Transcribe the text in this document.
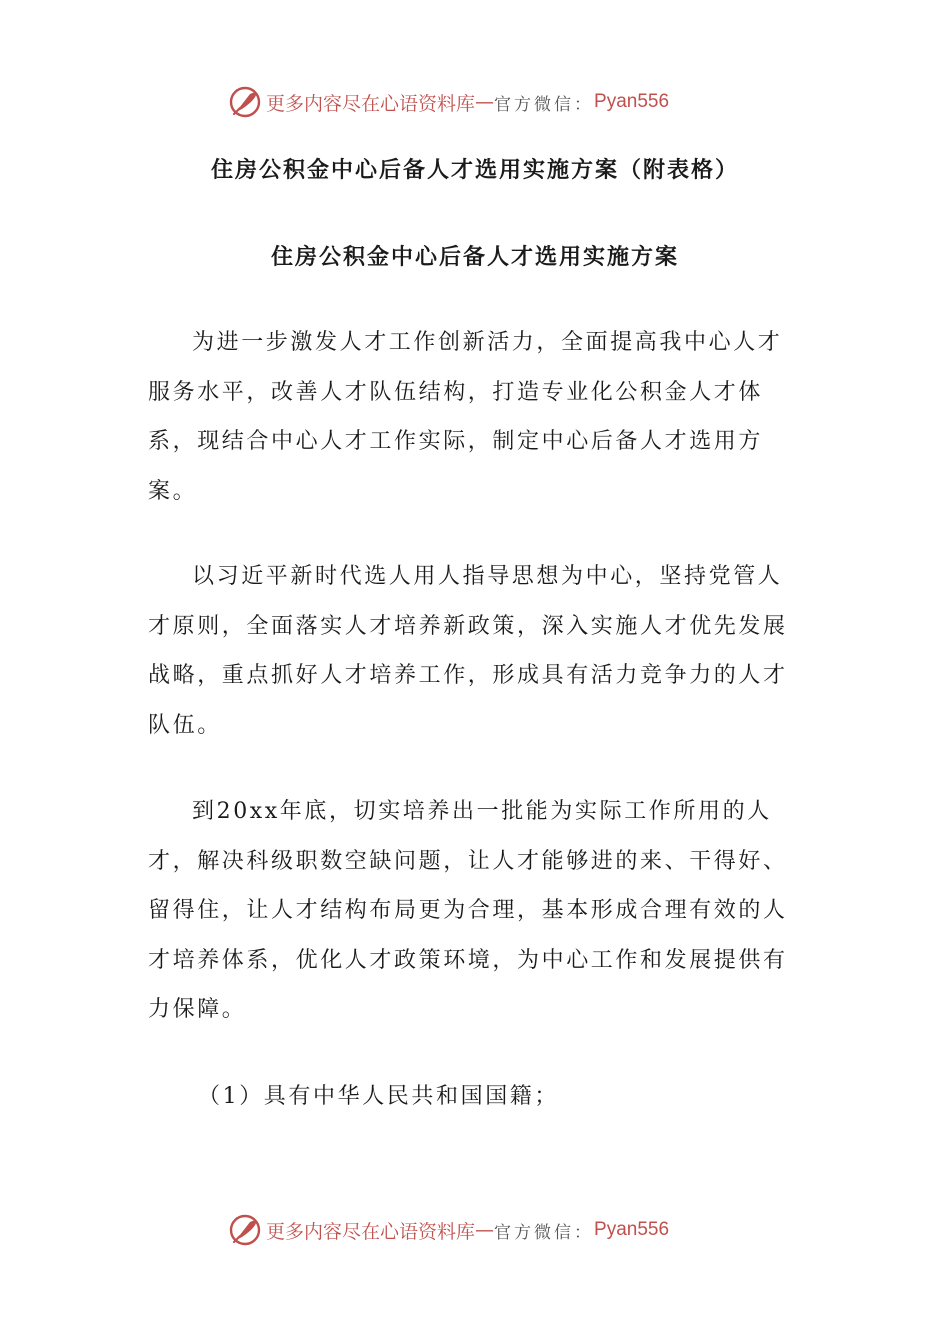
更多内容尽在心语资料库 — 官方微信： Pyan556
住房公积金中心后备人才选用实施方案（附表格）
住房公积金中心后备人才选用实施方案

为进一步激发人才工作创新活力，全面提高我中心人才服务水平，改善人才队伍结构，打造专业化公积金人才体系，现结合中心人才工作实际，制定中心后备人才选用方案。

以习近平新时代选人用人指导思想为中心，坚持党管人才原则，全面落实人才培养新政策，深入实施人才优先发展战略，重点抓好人才培养工作，形成具有活力竞争力的人才队伍。

到20xx年底，切实培养出一批能为实际工作所用的人才，解决科级职数空缺问题，让人才能够进的来、干得好、留得住，让人才结构布局更为合理，基本形成合理有效的人才培养体系，优化人才政策环境，为中心工作和发展提供有力保障。

（1）具有中华人民共和国国籍；

更多内容尽在心语资料库 — 官方微信： Pyan556
